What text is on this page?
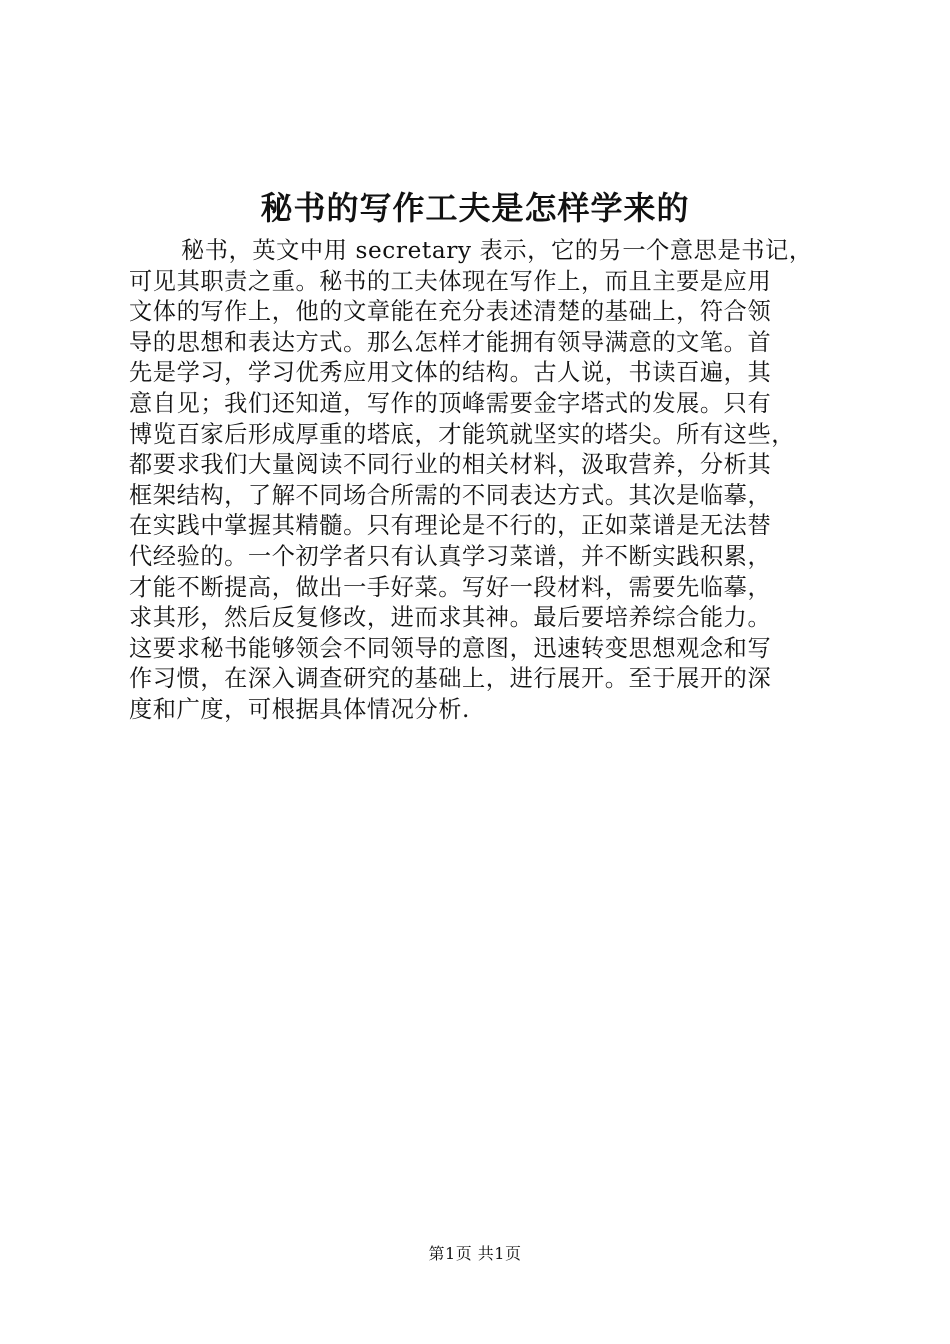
秘书的写作工夫是怎样学来的
秘书，英文中用 secretary 表示，它的另一个意思是书记，
可见其职责之重。秘书的工夫体现在写作上，而且主要是应用
文体的写作上，他的文章能在充分表述清楚的基础上，符合领
导的思想和表达方式。那么怎样才能拥有领导满意的文笔。首
先是学习，学习优秀应用文体的结构。古人说，书读百遍，其
意自见；我们还知道，写作的顶峰需要金字塔式的发展。只有
博览百家后形成厚重的塔底，才能筑就坚实的塔尖。所有这些，
都要求我们大量阅读不同行业的相关材料，汲取营养，分析其
框架结构，了解不同场合所需的不同表达方式。其次是临摹，
在实践中掌握其精髓。只有理论是不行的，正如菜谱是无法替
代经验的。一个初学者只有认真学习菜谱，并不断实践积累，
才能不断提高，做出一手好菜。写好一段材料，需要先临摹，
求其形，然后反复修改，进而求其神。最后要培养综合能力。
这要求秘书能够领会不同领导的意图，迅速转变思想观念和写
作习惯，在深入调查研究的基础上，进行展开。至于展开的深
度和广度，可根据具体情况分析.
第1页 共1页
